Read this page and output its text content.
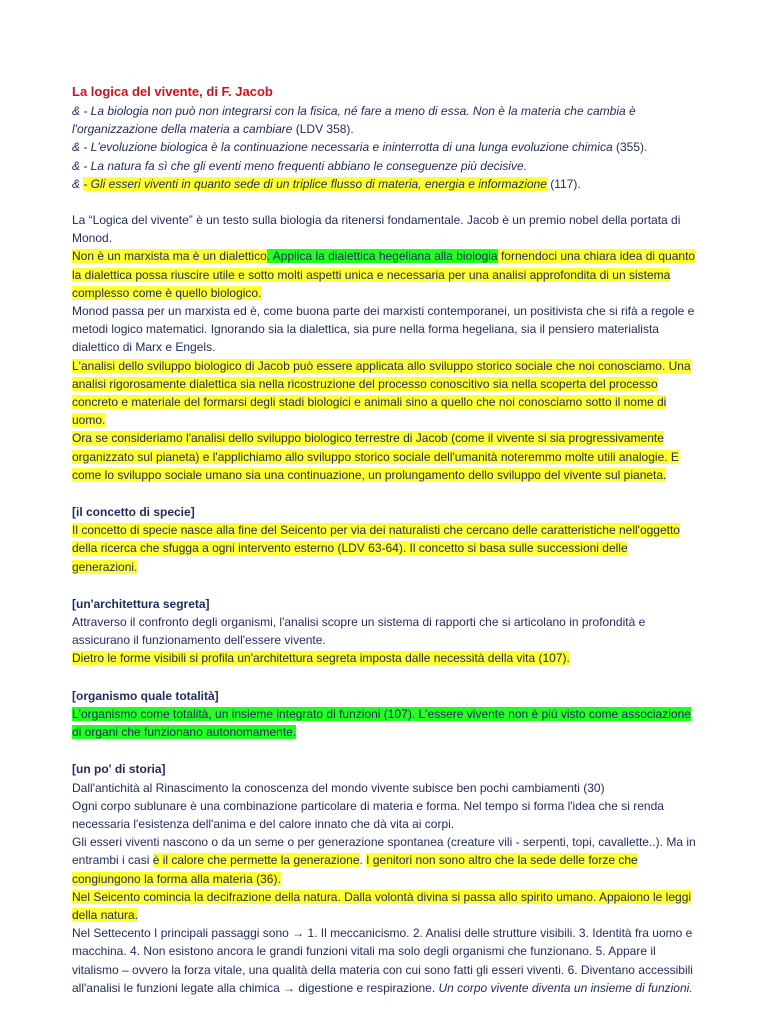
La logica del vivente, di F. Jacob

& - La biologia non può non integrarsi con la fisica, né fare a meno di essa. Non è la materia che cambia è l'organizzazione della materia a cambiare (LDV 358).

& - L'evoluzione biologica è la continuazione necessaria e ininterrotta di una lunga evoluzione chimica (355).

& - La natura fa sì che gli eventi meno frequenti abbiano le conseguenze più decisive.

& - Gli esseri viventi in quanto sede di un triplice flusso di materia, energia e informazione (117).

La “Logica del vivente” è un testo sulla biologia da ritenersi fondamentale. Jacob è un premio nobel della portata di Monod.

Non è un marxista ma è un dialettico. Applica la dialettica hegeliana alla biologia fornendoci una chiara idea di quanto la dialettica possa riuscire utile e sotto molti aspetti unica e necessaria per una analisi approfondita di un sistema complesso come è quello biologico.

Monod passa per un marxista ed è, come buona parte dei marxisti contemporanei, un positivista che si rifà a regole e metodi logico matematici. Ignorando sia la dialettica, sia pure nella forma hegeliana, sia il pensiero materialista dialettico di Marx e Engels.

L'analisi dello sviluppo biologico di Jacob può essere applicata allo sviluppo storico sociale che noi conosciamo. Una analisi rigorosamente dialettica sia nella ricostruzione del processo conoscitivo sia nella scoperta del processo concreto e materiale del formarsi degli stadi biologici e animali sino a quello che noi conosciamo sotto il nome di uomo.

Ora se consideriamo l'analisi dello sviluppo biologico terrestre di Jacob (come il vivente si sia progressivamente organizzato sul pianeta) e l'applichiamo allo sviluppo storico sociale dell'umanità noteremmo molte utili analogie. E come lo sviluppo sociale umano sia una continuazione, un prolungamento dello sviluppo del vivente sul pianeta.

[il concetto di specie]

Il concetto di specie nasce alla fine del Seicento per via dei naturalisti che cercano delle caratteristiche nell'oggetto della ricerca che sfugga a ogni intervento esterno (LDV 63-64). Il concetto si basa sulle successioni delle generazioni.

[un'architettura segreta]

Attraverso il confronto degli organismi, l'analisi scopre un sistema di rapporti che si articolano in profondità e assicurano il funzionamento dell'essere vivente.

Dietro le forme visibili si profila un'architettura segreta imposta dalle necessità della vita (107).

[organismo quale totalità]

L'organismo come totalità, un insieme integrato di funzioni (107). L'essere vivente non è più visto come associazione di organi che funzionano autonomamente.

[un po' di storia]

Dall'antichità al Rinascimento la conoscenza del mondo vivente subisce ben pochi cambiamenti (30)

Ogni corpo sublunare è una combinazione particolare di materia e forma. Nel tempo si forma l'idea che si renda necessaria l'esistenza dell'anima e del calore innato che dà vita ai corpi.

Gli esseri viventi nascono o da un seme o per generazione spontanea (creature vili - serpenti, topi, cavallette..). Ma in entrambi i casi è il calore che permette la generazione. I genitori non sono altro che la sede delle forze che congiungono la forma alla materia (36).

Nel Seicento comincia la decifrazione della natura. Dalla volontà divina si passa allo spirito umano. Appaiono le leggi della natura.

Nel Settecento I principali passaggi sono → 1. Il meccanicismo. 2. Analisi delle strutture visibili. 3. Identità fra uomo e macchina. 4. Non esistono ancora le grandi funzioni vitali ma solo degli organismi che funzionano. 5. Appare il vitalismo – ovvero la forza vitale, una qualità della materia con cui sono fatti gli esseri viventi. 6. Diventano accessibili all'analisi le funzioni legate alla chimica → digestione e respirazione. Un corpo vivente diventa un insieme di funzioni.
